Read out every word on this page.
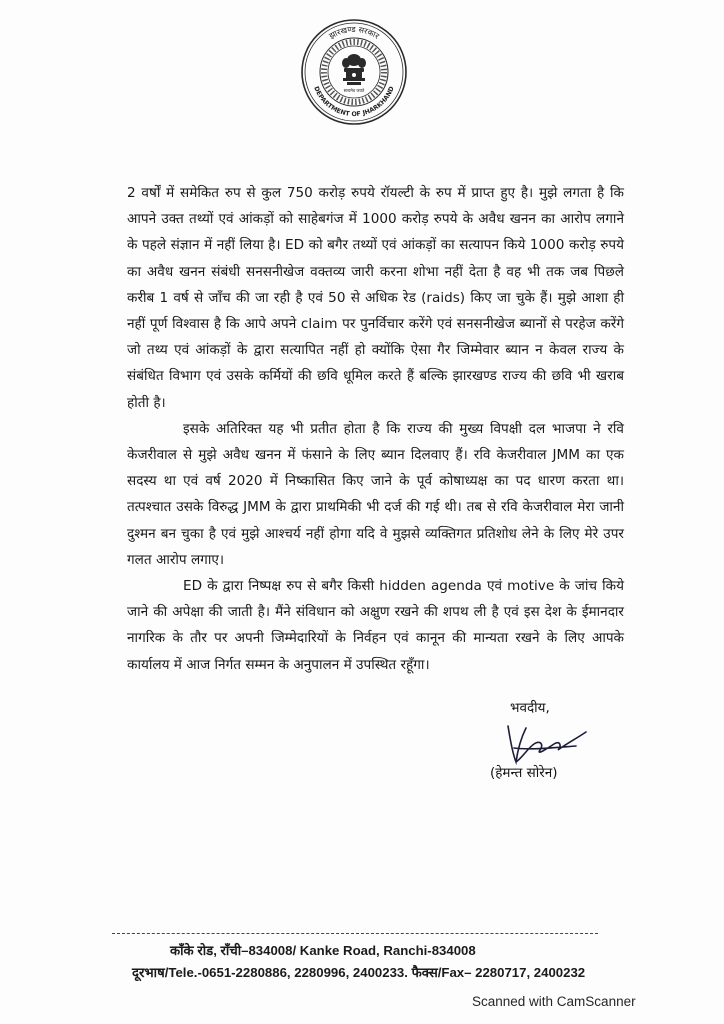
झारखण्ड सरकार
DEPARTMENT OF JHARKHAND
सत्यमेव जयते

2 वर्षों में समेकित रुप से कुल 750 करोड़ रुपये रॉयल्टी के रुप में प्राप्त हुए है। मुझे लगता है कि आपने उक्त तथ्यों एवं आंकड़ों को साहेबगंज में 1000 करोड़ रुपये के अवैध खनन का आरोप लगाने के पहले संज्ञान में नहीं लिया है। ED को बगैर तथ्यों एवं आंकड़ों का सत्यापन किये 1000 करोड़ रुपये का अवैध खनन संबंधी सनसनीखेज वक्तव्य जारी करना शोभा नहीं देता है वह भी तक जब पिछले करीब 1 वर्ष से जाँच की जा रही है एवं 50 से अधिक रेड (raids) किए जा चुके हैं। मुझे आशा ही नहीं पूर्ण विश्वास है कि आपे अपने claim पर पुनर्विचार करेंगे एवं सनसनीखेज ब्यानों से परहेज करेंगे जो तथ्य एवं आंकड़ों के द्वारा सत्यापित नहीं हो क्योंकि ऐसा गैर जिम्मेवार ब्यान न केवल राज्य के संबंधित विभाग एवं उसके कर्मियों की छवि धूमिल करते हैं बल्कि झारखण्ड राज्य की छवि भी खराब होती है।

इसके अतिरिक्त यह भी प्रतीत होता है कि राज्य की मुख्य विपक्षी दल भाजपा ने रवि केजरीवाल से मुझे अवैध खनन में फंसाने के लिए ब्यान दिलवाए हैं। रवि केजरीवाल JMM का एक सदस्य था एवं वर्ष 2020 में निष्कासित किए जाने के पूर्व कोषाध्यक्ष का पद धारण करता था। तत्पश्चात उसके विरुद्ध JMM के द्वारा प्राथमिकी भी दर्ज की गई थी। तब से रवि केजरीवाल मेरा जानी दुश्मन बन चुका है एवं मुझे आश्चर्य नहीं होगा यदि वे मुझसे व्यक्तिगत प्रतिशोध लेने के लिए मेरे उपर गलत आरोप लगाए।

ED के द्वारा निष्पक्ष रुप से बगैर किसी hidden agenda एवं motive के जांच किये जाने की अपेक्षा की जाती है। मैंने संविधान को अक्षुण रखने की शपथ ली है एवं इस देश के ईमानदार नागरिक के तौर पर अपनी जिम्मेदारियों के निर्वहन एवं कानून की मान्यता रखने के लिए आपके कार्यालय में आज निर्गत सम्मन के अनुपालन में उपस्थित रहूँगा।

भवदीय,
(हेमन्त सोरेन)
काँके रोड, राँची–834008/ Kanke Road, Ranchi-834008
दूरभाष/Tele.-0651-2280886, 2280996, 2400233. फैक्स/Fax– 2280717, 2400232
Scanned with CamScanner
